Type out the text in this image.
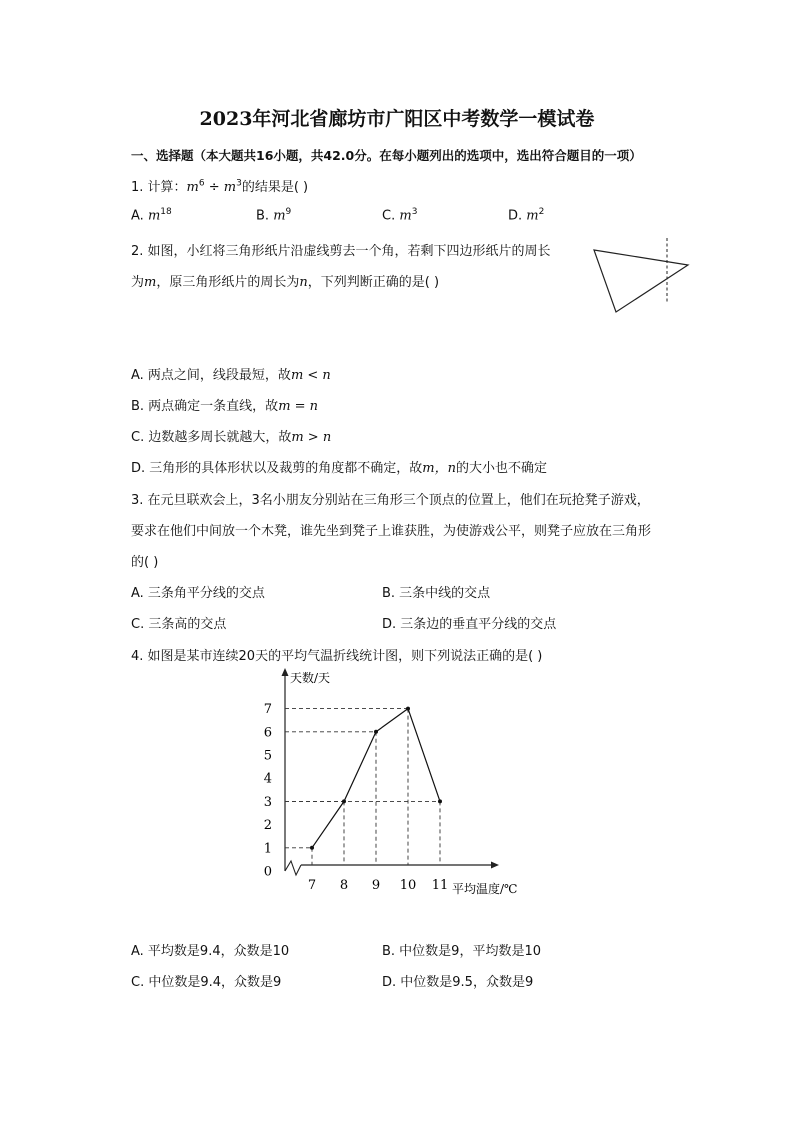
2023年河北省廊坊市广阳区中考数学一模试卷
一、选择题（本大题共16小题，共42.0分。在每小题列出的选项中，选出符合题目的一项）
1. 计算：$m^6 \div m^3$的结果是( )
A. $m^{18}$	B. $m^9$	C. $m^3$	D. $m^2$
2. 如图，小红将三角形纸片沿虚线剪去一个角，若剩下四边形纸片的周长
为m，原三角形纸片的周长为n，下列判断正确的是( )
A. 两点之间，线段最短，故m < n
B. 两点确定一条直线，故m = n
C. 边数越多周长就越大，故m > n
D. 三角形的具体形状以及裁剪的角度都不确定，故m，n的大小也不确定
3. 在元旦联欢会上，3名小朋友分别站在三角形三个顶点的位置上，他们在玩抢凳子游戏，
要求在他们中间放一个木凳，谁先坐到凳子上谁获胜，为使游戏公平，则凳子应放在三角形
的( )
A. 三条角平分线的交点	B. 三条中线的交点
C. 三条高的交点	D. 三条边的垂直平分线的交点
4. 如图是某市连续20天的平均气温折线统计图，则下列说法正确的是( )
天数/天
平均温度/℃
0
1
2
3
4
5
6
7
7 8 9 10 11
A. 平均数是9.4，众数是10	B. 中位数是9，平均数是10
C. 中位数是9.4，众数是9	D. 中位数是9.5，众数是9
